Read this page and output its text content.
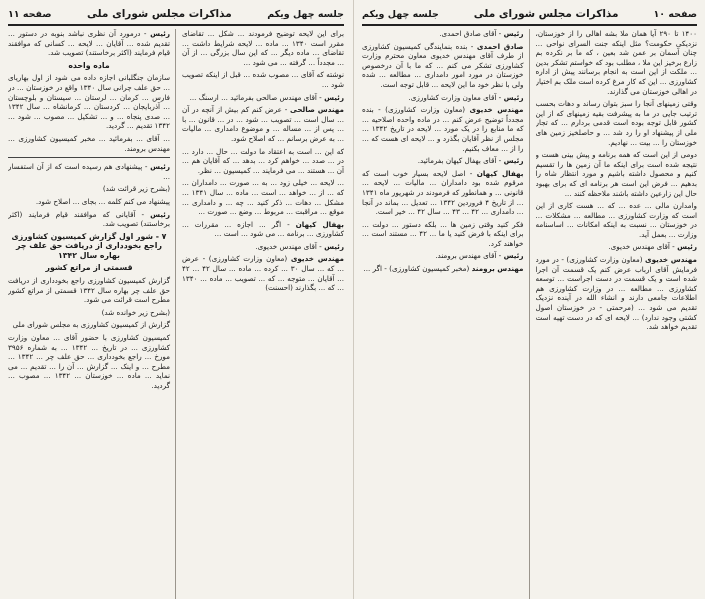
صفحه ۱۰
مذاکرات مجلس شورای ملی
جلسه چهل ویکم

۱۴۰۰ تا ۲۹۰ آیا همان ملا بشه اهالی را از خوزستان، نزدیکی حکومت؟ مثل اینکه جنت السرای نواحی ... چنان آسمان بر عمن شد بعین ، که ما بر نکرده بم زارع برخیز این ملا ، مطلب بود که خواستم تشکر بدین ... ملکت از این است به انجام برسانند پیش از اداره کشاورزی ... این که کار مرغ کرده است ملک بم اختیار در اهالی خوزستان می گذارند.

وقتی زمینهای آنجا را سبز بتوان رساند و دهات بحسب ترتیب جایی در ما به پیشرفت بقیه زمینهای که از این کشور قابل توجه بوده است قدمی بردارم ... که تجار ملی از پیشنهاد او را رد شد ... و حاصلخیز زمین های خوزستان را ... بیت ... نهادیم.

دومی از این است که همه برنامه و پیش بینی هست و نتیجه شده است برای اینکه ما آن زمین ها را تقسیم کنیم و محصول داشته باشیم و مورد انتظار شاه را بدهیم ... فرض این است هر برنامه ای که برای بهبود حال این زارعین داشته باشند ملاحظه کنند ...

وامدارن مالی ... عده ... که ... هست کاری از این است که وزارت کشاورزی ... مطالعه ... مشکلات ... در خوزستان ... نسبت به اینکه امکانات ... اساسنامه وزارت ... بعمل آید.

رئیس - آقای مهندس خدیوی.

مهندس خدیوی (معاون وزارت کشاورزی) - در مورد فرمایش آقای ارباب عرض کنم یک قسمت آن اجرا شده است و یک قسمت در دست اجراست ... توسعه کشاورزی ... مطالعه ... در وزارت کشاورزی هم اطلاعات جامعی دارند و انشاء الله در آینده نزدیک تقدیم می شود ... (مرحمتی - در خوزستان اصول کشتی وجود ندارد) ... لایحه ای که در دست تهیه است تقدیم خواهد شد.

رئیس - آقای صادق احمدی.

صادق احمدی - بنده بنمایندگی کمیسیون کشاورزی از طرف آقای مهندس خدیوی معاون محترم وزارت کشاورزی تشکر می کنم ... که ما با آن درخصوص خوزستان در مورد امور دامداری ... مطالعه ... شده ولی با نظر خود ما این لایحه ... قابل توجه است.

رئیس - آقای معاون وزارت کشاورزی.

مهندس خدیوی (معاون وزارت کشاورزی) - بنده مجدداً توضیح عرض کنم ... در ماده واحده اصلاحیه ... که ما منابع را در یک مورد ... لایحه در تاریخ ۱۳۴۲ ... مجلس از نظر آقایان بگذرد و ... لایحه ای هست که ... را از ... معاف بکنیم.

رئیس - آقای بهفال کیهان بفرمائید.

بهفال کیهان - اصل لایحه بسیار خوب است که مرقوم شده بود دامداران ... مالیات ... لایحه ... قانونی ... و همانطور که فرمودند در شهریور ماه ۱۳۴۱ ... از تاریخ ۴ فروردین ۱۳۴۲ ... تعدیل ... بماند در آنجا ... دامداری ... ۴۲ ... ۴۳ ... سال ۴۲ ... خیر است.

فکر کنید وقتی زمین ها ... بلکه دستور ... دولت ... برای اینکه با فرض کنید یا ما ... ۴۲ ... مستند است ... خواهند کرد.

رئیس - آقای مهندس برومند.

مهندس برومند (مخبر کمیسیون کشاورزی) - اگر ...

جلسه چهل ویکم
مذاکرات مجلس شورای ملی
صفحه ۱۱

برای این لایحه توضیح فرمودند ... شکل ... تقاضای مقرر است ۱۳۴۰ ... ماده ... لایحه شرایط داشت ... تقاضای ... ماده دیگر ... که این سال بزرگی ... از آن ... مجدداً ... گرفته ... می شود ...

نوشته که آقای ... مصوب شده ... قبل از اینکه تصویب شود ...

رئیس - آقای مهندس صالحی بفرمائید ... ارسنگ ...

مهندس صالحی - عرض کنم کم بیش از آنچه در آن ... سال است ... تصویب ... شود ... در ... قانون ... با ... پس از ... مساله ... و موضوع دامداری ... مالیات ... به عرض برسانم ... که اصلاح شود.

که این ... است به اعتقاد ما دولت ... حال ... دارد ... در ... صدد ... خواهم کرد ... بدهد ... که آقایان هم ... آن ... هستند ... می فرمایند ... کمیسیون ... نظر.

... لایحه ... خیلی زود ... به ... صورت ... دامداران ... که ... از ... خواهد ... است ... ماده ... سال ۱۳۴۱ ... مشکل ... دهات ... ذکر کنید ... چه ... و دامداری ... موقع ... مراقبت ... مربوط ... وضع ... صورت ...

بهفال کیهان - اگر ... اجازه ... مقررات ... کشاورزی ... برنامه ... می شود ... است ...

رئیس - آقای مهندس خدیوی.

مهندس خدیوی (معاون وزارت کشاورزی) - عرض ... که ... سال ۳۰ ... کرده ... ماده ... سال ۴۲ ... ۴۲ ... آقایان ... متوجه ... که ... تصویب ... ماده ... ۱۳۴۰ ... که ... بگذارند (احسنت)

رئیس - درمورد آن نظری نباشد بنوبه در دستور ... تقدیم شده ... آقایان ... لایحه ... کسانی که موافقند قیام فرمایند (اکثر برخاستند) تصویب شد.

ماده واحده

سازمان جنگلبانی اجازه داده می شود از اول بهاریای ... حق علف چرانی سال ۱۳۴۰ واقع در خوزستان ... در فارس ... کرمان ... لرستان ... سیستان و بلوچستان ... آذربایجان ... کردستان ... کرمانشاه ... سال ۱۳۴۲ ... صدی پنجاه ... و ... تشکیل ... مصوب ... شود ... ۱۳۴۲ تقدیم ... گردید.

... آقای ... بفرمائید ... مخبر کمیسیون کشاورزی ... مهندس برومند.

رئیس - پیشنهادی هم رسیده است که از آن استفسار ...

(بشرح زیر قرائت شد)

پیشنهاد می کنم کلمه ... بجای ... اصلاح شود.

رئیس - آقایانی که موافقند قیام فرمایند (اکثر برخاستند) تصویب شد.

۷ - شور اول گزارش کمیسیون کشاورزی راجع بخودداری از دریافت حق علف چر بهاره سال ۱۳۴۲

قسمتی از مراتع کشور

گزارش کمیسیون کشاورزی راجع بخودداری از دریافت حق علف چر بهاره سال ۱۳۴۲ قسمتی از مراتع کشور مطرح است قرائت می شود.

(بشرح زیر خوانده شد)

گزارش از کمیسیون کشاورزی به مجلس شورای ملی

کمیسیون کشاورزی با حضور آقای ... معاون وزارت کشاورزی ... در تاریخ ... ۱۳۴۲ ... به شماره ۳۹۵۶ مورخ ... راجع بخودداری ... حق علف چر ... ۱۳۴۲ ... مطرح ... و اینک ... گزارش ... آن را ... تقدیم ... می نماید ... ماده ... خوزستان ... ۱۳۴۲ ... مصوب ... گردید.
